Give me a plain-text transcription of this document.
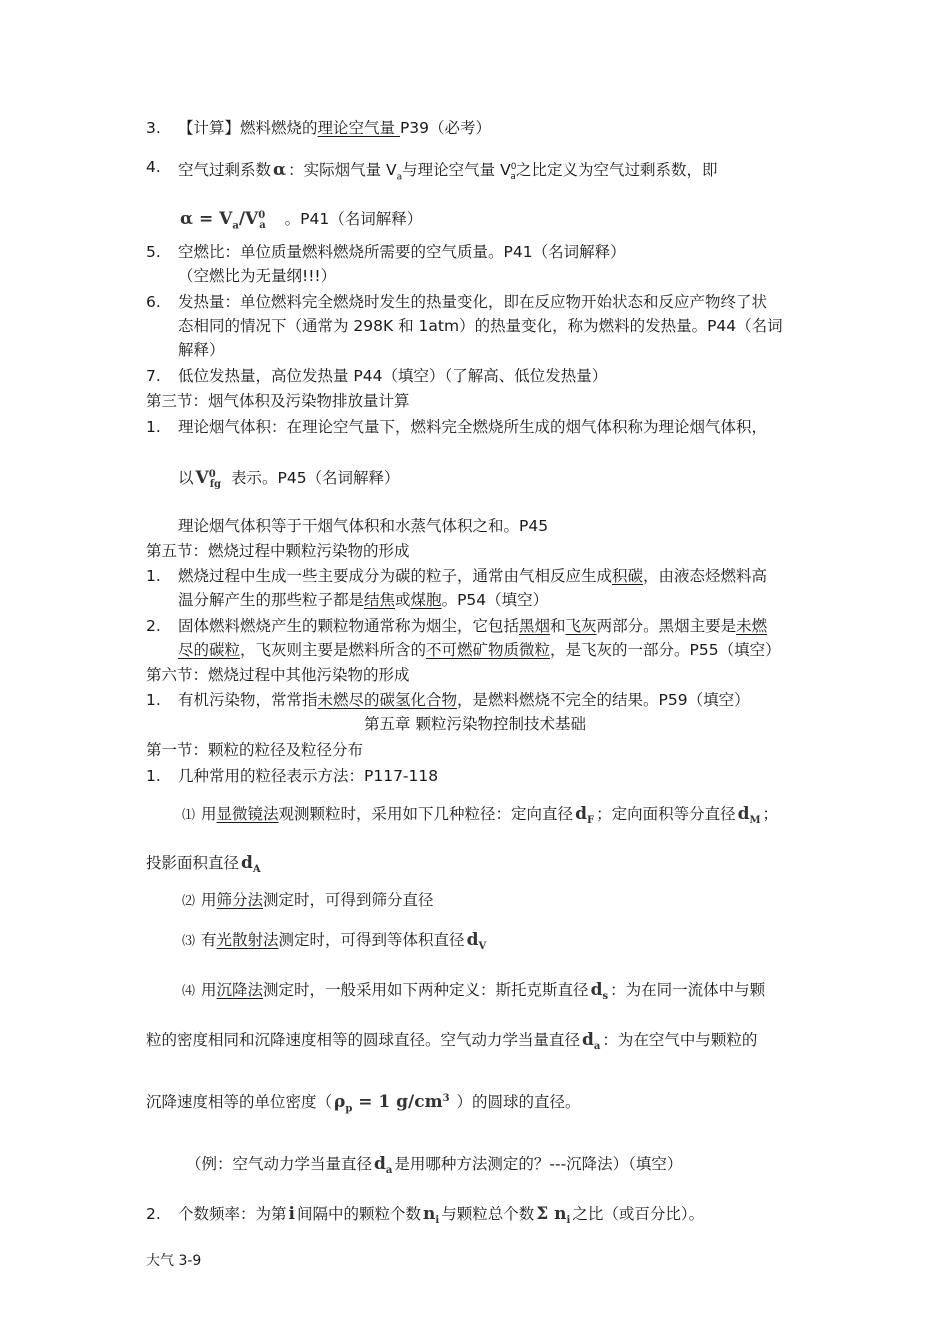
3. 【计算】燃料燃烧的理论空气量 P39（必考）
4. 空气过剩系数 α ：实际烟气量 $V_a$与理论空气量 $V^0_a$之比定义为空气过剩系数，即
$\alpha = V_a/V^0_a$ 。P41（名词解释）
5. 空燃比：单位质量燃料燃烧所需要的空气质量。P41（名词解释）
（空燃比为无量纲!!!）
6. 发热量：单位燃料完全燃烧时发生的热量变化，即在反应物开始状态和反应产物终了状
态相同的情况下（通常为 298K 和 1atm）的热量变化，称为燃料的发热量。P44（名词
解释）
7. 低位发热量，高位发热量 P44（填空）（了解高、低位发热量）
第三节：烟气体积及污染物排放量计算
1. 理论烟气体积：在理论空气量下，燃料完全燃烧所生成的烟气体积称为理论烟气体积，
以 $V^0_{fg}$ 表示。P45（名词解释）
理论烟气体积等于干烟气体积和水蒸气体积之和。P45
第五节：燃烧过程中颗粒污染物的形成
1. 燃烧过程中生成一些主要成分为碳的粒子，通常由气相反应生成积碳，由液态烃燃料高
温分解产生的那些粒子都是结焦或煤胞。P54（填空）
2. 固体燃料燃烧产生的颗粒物通常称为烟尘，它包括黑烟和飞灰两部分。黑烟主要是未燃
尽的碳粒，飞灰则主要是燃料所含的不可燃矿物质微粒，是飞灰的一部分。P55（填空）
第六节：燃烧过程中其他污染物的形成
1. 有机污染物，常常指未燃尽的碳氢化合物，是燃料燃烧不完全的结果。P59（填空）
第五章 颗粒污染物控制技术基础
第一节：颗粒的粒径及粒径分布
1. 几种常用的粒径表示方法：P117-118
⑴ 用显微镜法观测颗粒时，采用如下几种粒径：定向直径 $d_F$ ；定向面积等分直径 $d_M$ ；
投影面积直径 $d_A$
⑵ 用筛分法测定时，可得到筛分直径
⑶ 有光散射法测定时，可得到等体积直径 $d_V$
⑷ 用沉降法测定时，一般采用如下两种定义：斯托克斯直径 $d_s$ ：为在同一流体中与颗
粒的密度相同和沉降速度相等的圆球直径。空气动力学当量直径 $d_a$ ：为在空气中与颗粒的
沉降速度相等的单位密度（ $\rho_p = 1$ $g/cm^3$ ）的圆球的直径。
（例：空气动力学当量直径 $d_a$ 是用哪种方法测定的？---沉降法）（填空）
2. 个数频率：为第 i 间隔中的颗粒个数 $n_i$ 与颗粒总个数 Σ $n_i$ 之比（或百分比）。
大气 3-9
